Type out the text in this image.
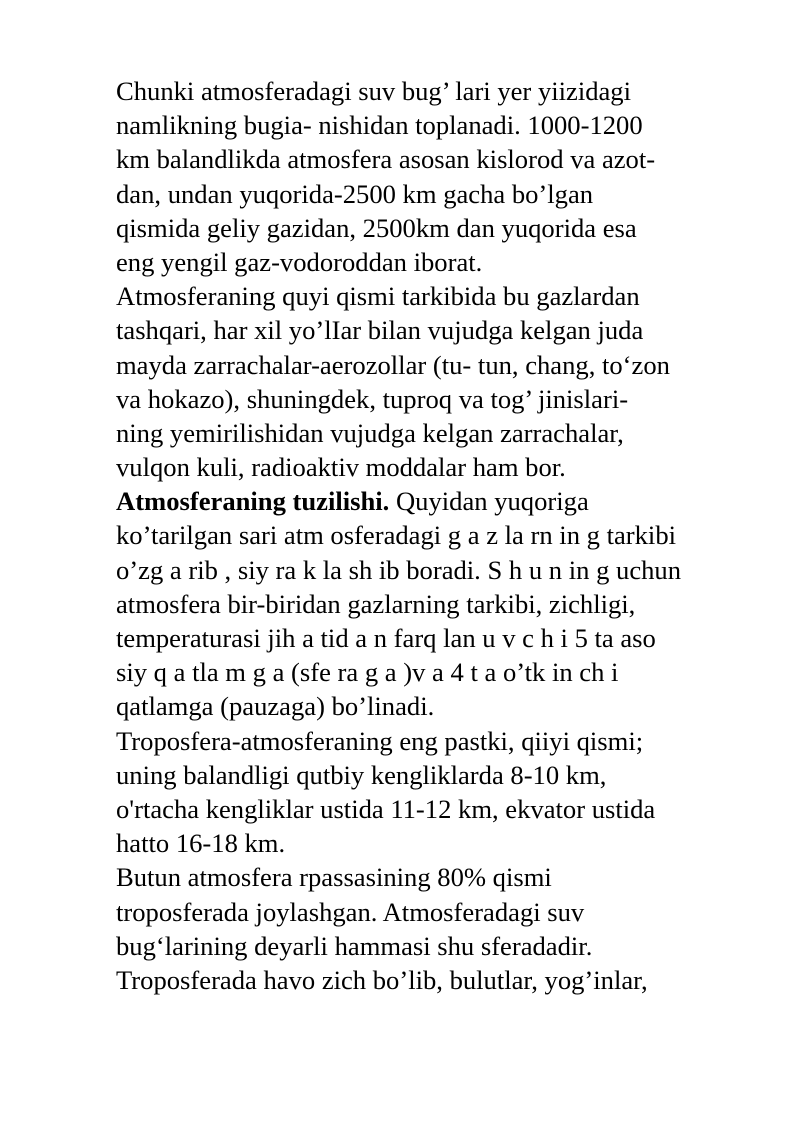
Chunki atmosferadagi suv bug’ lari yer yiizidagi
namlikning bugia- nishidan toplanadi. 1000-1200
km balandlikda atmosfera asosan kislorod va azot-
dan, undan yuqorida-2500 km gacha bo’lgan
qismida geliy gazidan, 2500km dan yuqorida esa
eng yengil gaz-vodoroddan iborat.
Atmosferaning quyi qismi tarkibida bu gazlardan
tashqari, har xil yo’lIar bilan vujudga kelgan juda
mayda zarrachalar-aerozollar (tu- tun, chang, to‘zon
va hokazo), shuningdek, tuproq va tog’ jinislari-
ning yemirilishidan vujudga kelgan zarrachalar,
vulqon kuli, radioaktiv moddalar ham bor.
Atmosferaning tuzilishi. Quyidan yuqoriga
ko’tarilgan sari atm osferadagi g a z la rn in g tarkibi
o’zg a rib , siy ra k la sh ib boradi. S h u n in g uchun
atmosfera bir-biridan gazlarning tarkibi, zichligi,
temperaturasi jih a tid a n farq lan u v c h i 5 ta aso
siy q a tla m g a (sfe ra g a )v a 4 t a o’tk in ch i
qatlamga (pauzaga) bo’linadi.
Troposfera-atmosferaning eng pastki, qiiyi qismi;
uning balandligi qutbiy kengliklarda 8-10 km,
o'rtacha kengliklar ustida 11-12 km, ekvator ustida
hatto 16-18 km.
Butun atmosfera rpassasining 80% qismi
troposferada joylashgan. Atmosferadagi suv
bug‘larining deyarli hammasi shu sferadadir.
Troposferada havo zich bo’lib, bulutlar, yog’inlar,
